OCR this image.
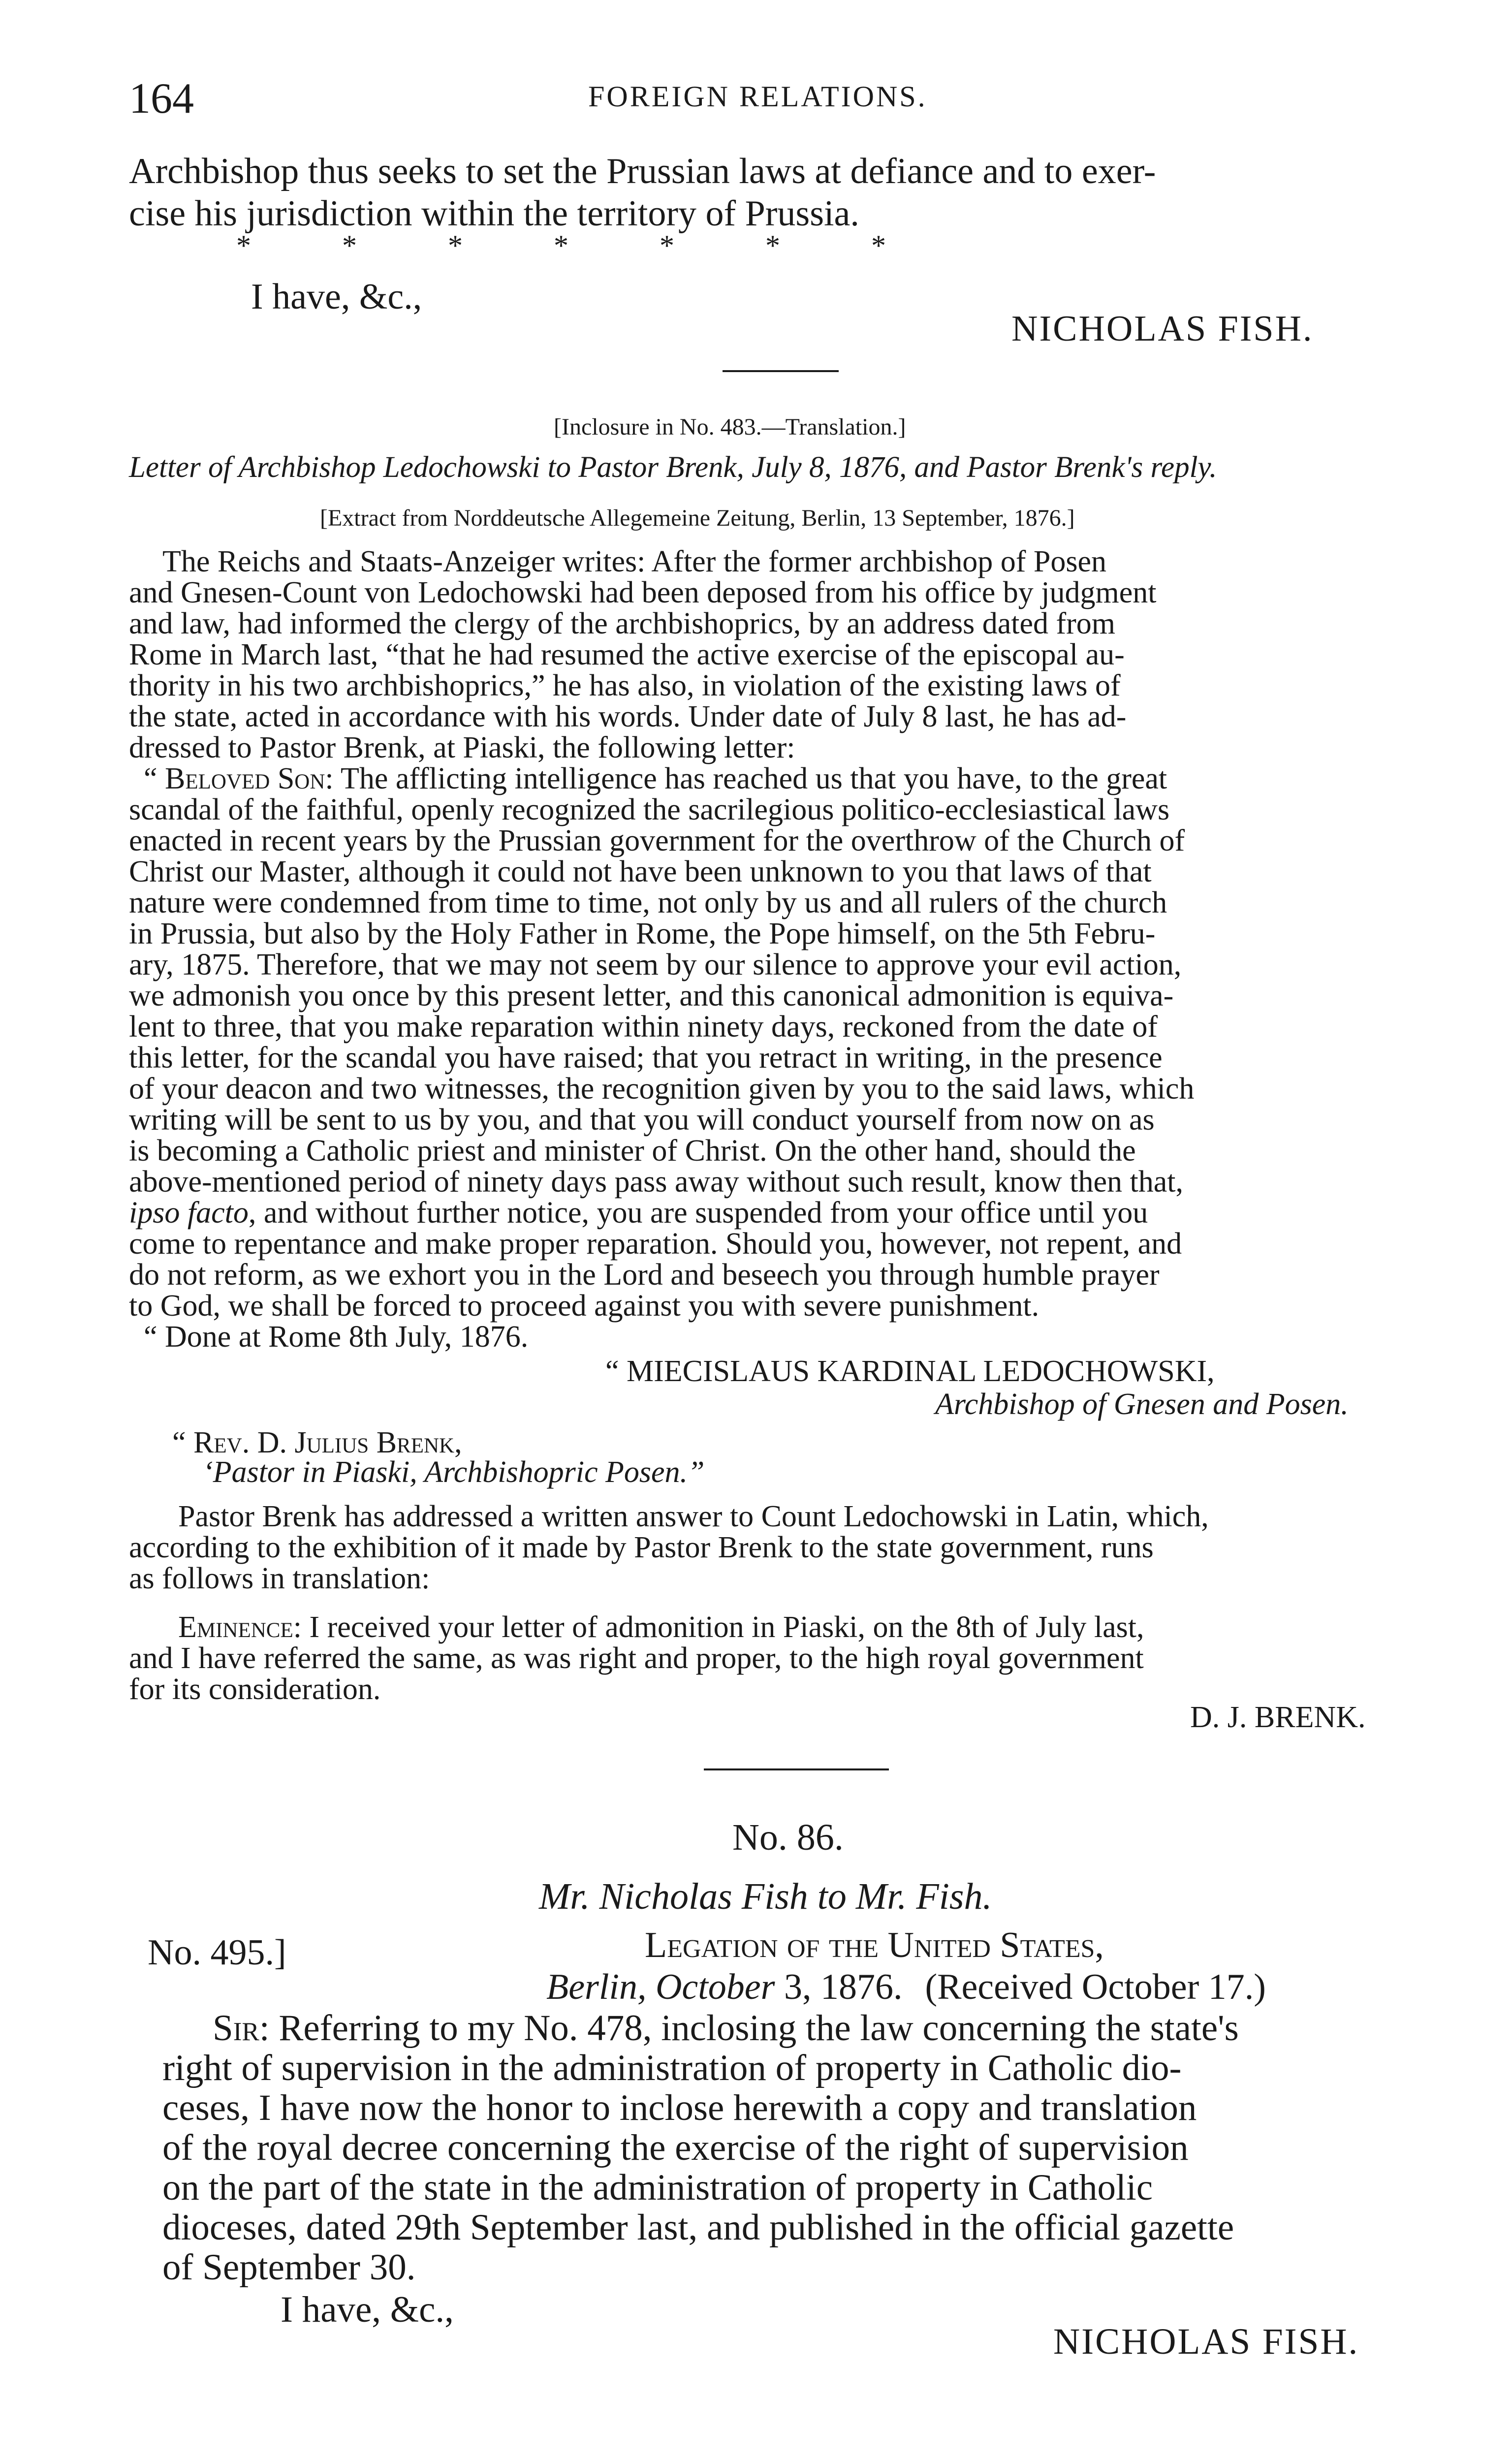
164	FOREIGN RELATIONS.
Archbishop thus seeks to set the Prussian laws at defiance and to exer-
cise his jurisdiction within the territory of Prussia.
* * * * * * *
I have, &c.,
NICHOLAS FISH.
[Inclosure in No. 483.—Translation.]
Letter of Archbishop Ledochowski to Pastor Brenk, July 8, 1876, and Pastor Brenk's reply.
[Extract from Norddeutsche Allegemeine Zeitung, Berlin, 13 September, 1876.]
The Reichs and Staats-Anzeiger writes: After the former archbishop of Posen
and Gnesen-Count von Ledochowski had been deposed from his office by judgment
and law, had informed the clergy of the archbishoprics, by an address dated from
Rome in March last, “that he had resumed the active exercise of the episcopal au-
thority in his two archbishoprics,” he has also, in violation of the existing laws of
the state, acted in accordance with his words. Under date of July 8 last, he has ad-
dressed to Pastor Brenk, at Piaski, the following letter:
“ Beloved Son: The afflicting intelligence has reached us that you have, to the great
scandal of the faithful, openly recognized the sacrilegious politico-ecclesiastical laws
enacted in recent years by the Prussian government for the overthrow of the Church of
Christ our Master, although it could not have been unknown to you that laws of that
nature were condemned from time to time, not only by us and all rulers of the church
in Prussia, but also by the Holy Father in Rome, the Pope himself, on the 5th Febru-
ary, 1875. Therefore, that we may not seem by our silence to approve your evil action,
we admonish you once by this present letter, and this canonical admonition is equiva-
lent to three, that you make reparation within ninety days, reckoned from the date of
this letter, for the scandal you have raised; that you retract in writing, in the presence
of your deacon and two witnesses, the recognition given by you to the said laws, which
writing will be sent to us by you, and that you will conduct yourself from now on as
is becoming a Catholic priest and minister of Christ. On the other hand, should the
above-mentioned period of ninety days pass away without such result, know then that,
ipso facto, and without further notice, you are suspended from your office until you
come to repentance and make proper reparation. Should you, however, not repent, and
do not reform, as we exhort you in the Lord and beseech you through humble prayer
to God, we shall be forced to proceed against you with severe punishment.
“ Done at Rome 8th July, 1876.
“ MIECISLAUS KARDINAL LEDOCHOWSKI,
Archbishop of Gnesen and Posen.
“ Rev. D. Julius Brenk,
‘Pastor in Piaski, Archbishopric Posen.”
Pastor Brenk has addressed a written answer to Count Ledochowski in Latin, which,
according to the exhibition of it made by Pastor Brenk to the state government, runs
as follows in translation:
Eminence: I received your letter of admonition in Piaski, on the 8th of July last,
and I have referred the same, as was right and proper, to the high royal government
for its consideration.
D. J. BRENK.
No. 86.
Mr. Nicholas Fish to Mr. Fish.
No. 495.]	Legation of the United States,
Berlin, October 3, 1876. (Received October 17.)
Sir: Referring to my No. 478, inclosing the law concerning the state's
right of supervision in the administration of property in Catholic dio-
ceses, I have now the honor to inclose herewith a copy and translation
of the royal decree concerning the exercise of the right of supervision
on the part of the state in the administration of property in Catholic
dioceses, dated 29th September last, and published in the official gazette
of September 30.
I have, &c.,
NICHOLAS FISH.
